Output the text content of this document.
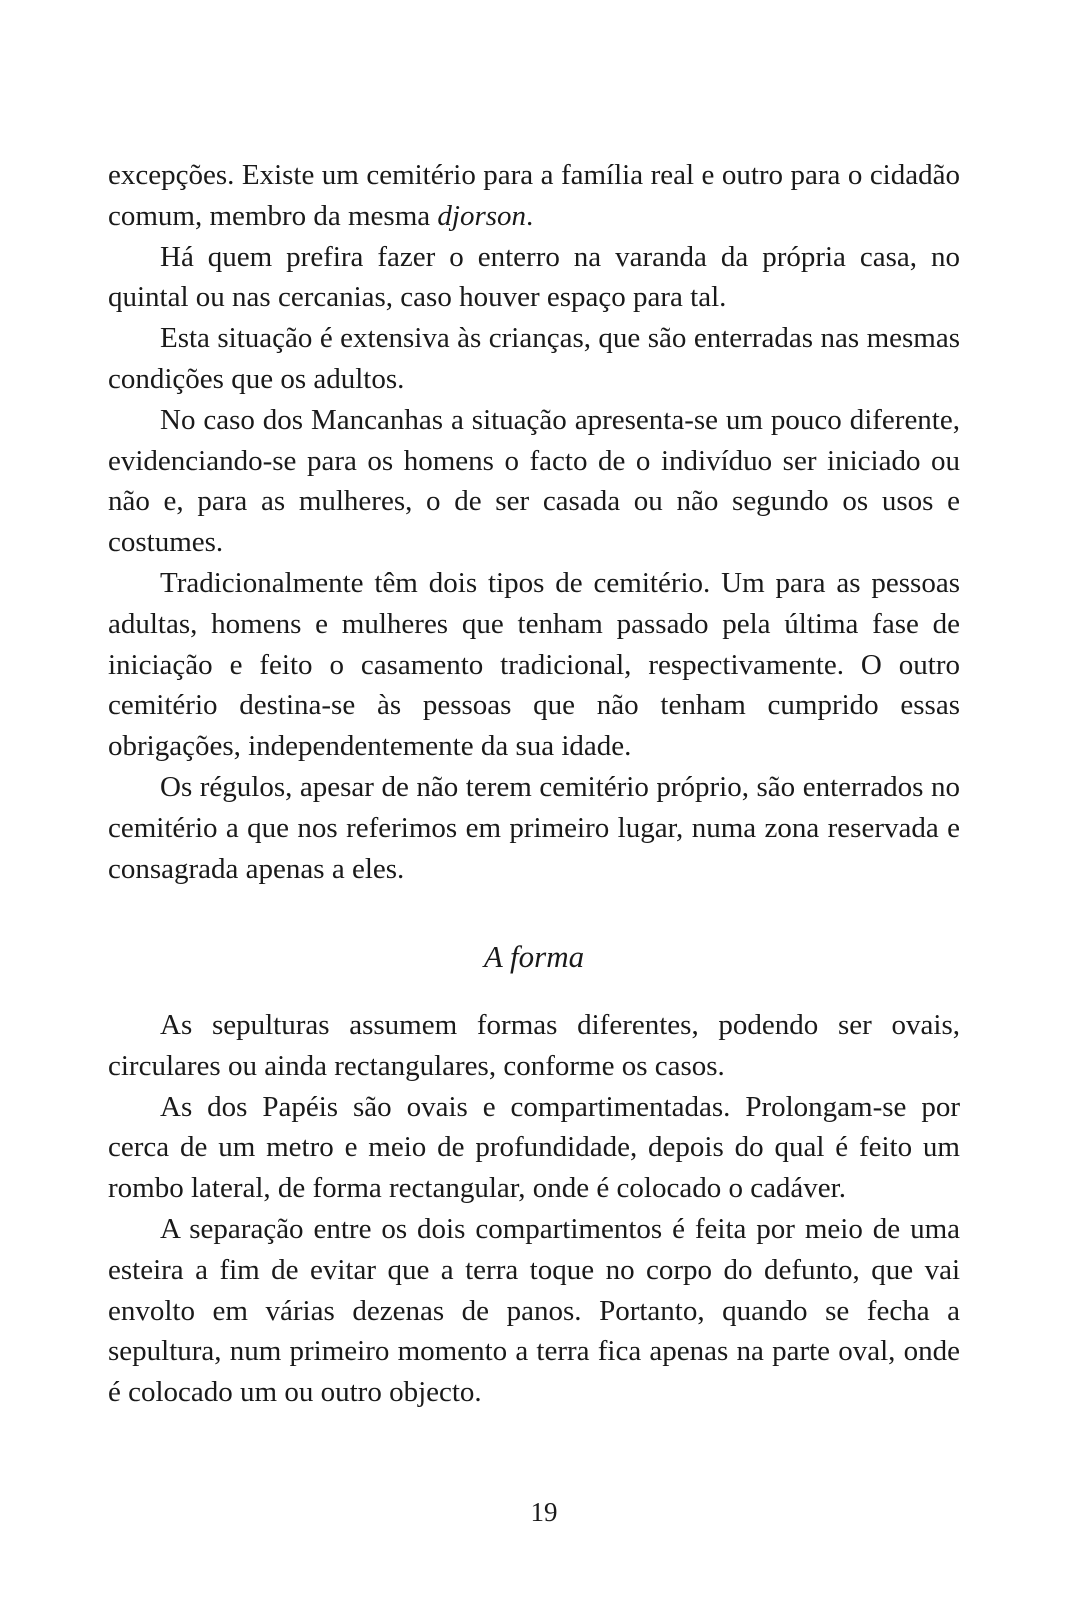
excepções. Existe um cemitério para a família real e outro para o cidadão comum, membro da mesma djorson.

Há quem prefira fazer o enterro na varanda da própria casa, no quintal ou nas cercanias, caso houver espaço para tal.

Esta situação é extensiva às crianças, que são enterradas nas mesmas condições que os adultos.

No caso dos Mancanhas a situação apresenta-se um pouco diferente, evidenciando-se para os homens o facto de o indivíduo ser iniciado ou não e, para as mulheres, o de ser casada ou não segundo os usos e costumes.

Tradicionalmente têm dois tipos de cemitério. Um para as pessoas adultas, homens e mulheres que tenham passado pela última fase de iniciação e feito o casamento tradicional, respectivamente. O outro cemitério destina-se às pessoas que não tenham cumprido essas obrigações, independentemente da sua idade.

Os régulos, apesar de não terem cemitério próprio, são enterrados no cemitério a que nos referimos em primeiro lugar, numa zona reservada e consagrada apenas a eles.

A forma

As sepulturas assumem formas diferentes, podendo ser ovais, circulares ou ainda rectangulares, conforme os casos.

As dos Papéis são ovais e compartimentadas. Prolongam-se por cerca de um metro e meio de profundidade, depois do qual é feito um rombo lateral, de forma rectangular, onde é colocado o cadáver.

A separação entre os dois compartimentos é feita por meio de uma esteira a fim de evitar que a terra toque no corpo do defunto, que vai envolto em várias dezenas de panos. Portanto, quando se fecha a sepultura, num primeiro momento a terra fica apenas na parte oval, onde é colocado um ou outro objecto.

19
